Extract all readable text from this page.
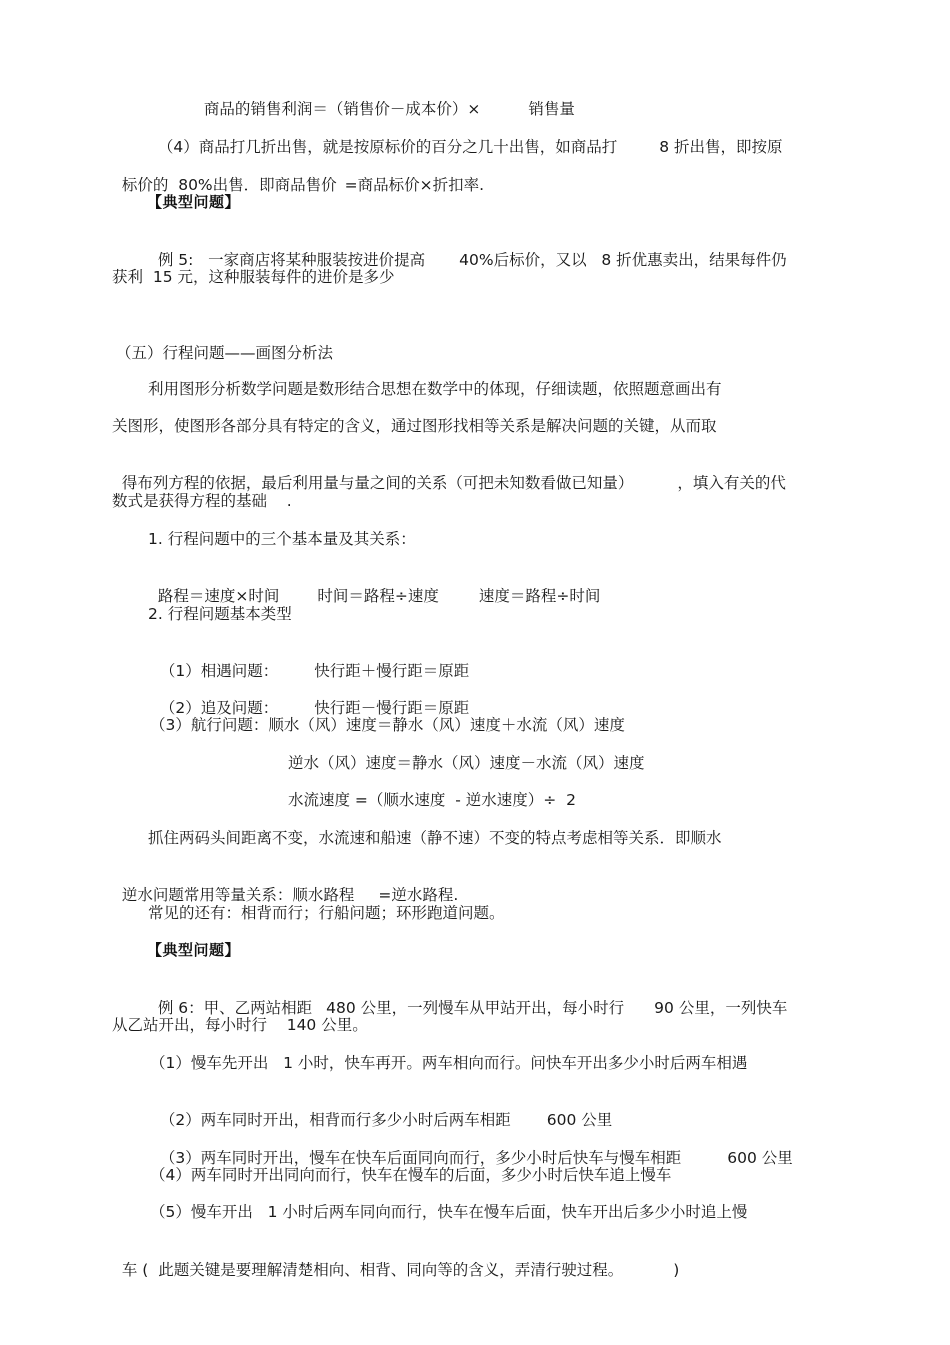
商品的销售利润＝（销售价－成本价）×	销售量

（4）商品打几折出售，就是按原标价的百分之几十出售，如商品打	8 折出售，即按原

标价的  80%出售．即商品售价 =商品标价×折扣率.

【典型问题】

例 5:   一家商店将某种服装按进价提高 40%后标价，又以   8 折优惠卖出，结果每件仍

获利  15 元，这种服装每件的进价是多少
（五）行程问题——画图分析法
利用图形分析数学问题是数形结合思想在数学中的体现，仔细读题，依照题意画出有
关图形，使图形各部分具有特定的含义，通过图形找相等关系是解决问题的关键，从而取

得布列方程的依据，最后利用量与量之间的关系（可把未知数看做已知量）	，填入有关的代

数式是获得方程的基础    .
1. 行程问题中的三个基本量及其关系：

路程＝速度×时间 时间＝路程÷速度	速度＝路程÷时间

2. 行程问题基本类型

（1）相遇问题： 快行距＋慢行距＝原距

（2）追及问题： 快行距－慢行距＝原距

（3）航行问题：顺水（风）速度＝静水（风）速度＋水流（风）速度
逆水（风）速度＝静水（风）速度－水流（风）速度
水流速度 =（顺水速度  - 逆水速度）÷  2
抓住两码头间距离不变，水流速和船速（静不速）不变的特点考虑相等关系．即顺水

逆水问题常用等量关系：顺水路程 =逆水路程.

常见的还有：相背而行；行船问题；环形跑道问题。
【典型问题】

例 6：甲、乙两站相距 480 公里，一列慢车从甲站开出，每小时行 90 公里，一列快车

从乙站开出，每小时行    140 公里。
（1）慢车先开出   1 小时，快车再开。两车相向而行。问快车开出多少小时后两车相遇

（2）两车同时开出，相背而行多少小时后两车相距 600 公里

（3）两车同时开出，慢车在快车后面同向而行，多少小时后快车与慢车相距	600 公里

（4）两车同时开出同向而行，快车在慢车的后面，多少小时后快车追上慢车
（5）慢车开出   1 小时后两车同向而行，快车在慢车后面，快车开出后多少小时追上慢

车 (  此题关键是要理解清楚相向、相背、同向等的含义，弄清行驶过程。	)
